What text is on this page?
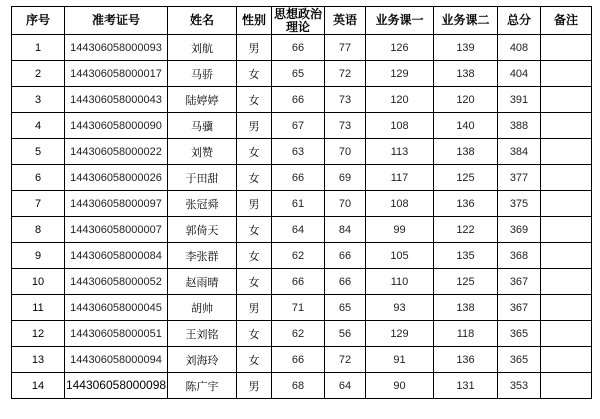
序号	准考证号	姓名	性别	思想政治理论	英语	业务课一	业务课二	总分	备注
1	144306058000093	刘航	男	66	77	126	139	408	
2	144306058000017	马骄	女	65	72	129	138	404	
3	144306058000043	陆婷婷	女	66	73	120	120	391	
4	144306058000090	马骥	男	67	73	108	140	388	
5	144306058000022	刘赞	女	63	70	113	138	384	
6	144306058000026	于田甜	女	66	69	117	125	377	
7	144306058000097	张冠舜	男	61	70	108	136	375	
8	144306058000007	郭倚天	女	64	84	99	122	369	
9	144306058000084	李张群	女	62	66	105	135	368	
10	144306058000052	赵雨晴	女	66	66	110	125	367	
11	144306058000045	胡帅	男	71	65	93	138	367	
12	144306058000051	王刘铭	女	62	56	129	118	365	
13	144306058000094	刘海玲	女	66	72	91	136	365	
14	144306058000098	陈广宇	男	68	64	90	131	353	
